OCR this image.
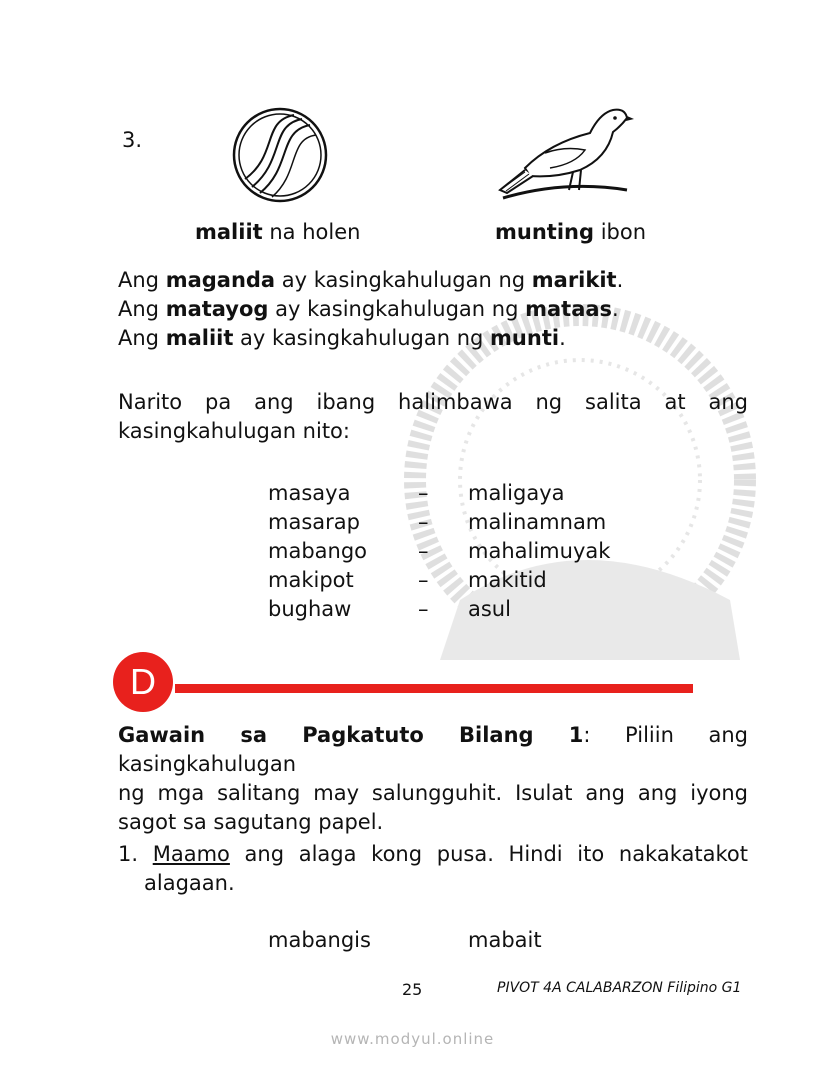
3.
maliit na holen	munting ibon
Ang maganda ay kasingkahulugan ng marikit.
Ang matayog ay kasingkahulugan ng mataas.
Ang maliit ay kasingkahulugan ng munti.
Narito pa ang ibang halimbawa ng salita at ang
kasingkahulugan nito:
masaya	–	maligaya
masarap	–	malinamnam
mabango	–	mahalimuyak
makipot	–	makitid
bughaw	–	asul
D
Gawain sa Pagkatuto Bilang 1: Piliin ang kasingkahulugan
ng mga salitang may salungguhit. Isulat ang ang iyong
sagot sa sagutang papel.
1. Maamo ang alaga kong pusa. Hindi ito nakakatakot
alagaan.
mabangis	mabait
25	PIVOT 4A CALABARZON Filipino G1
www.modyul.online
